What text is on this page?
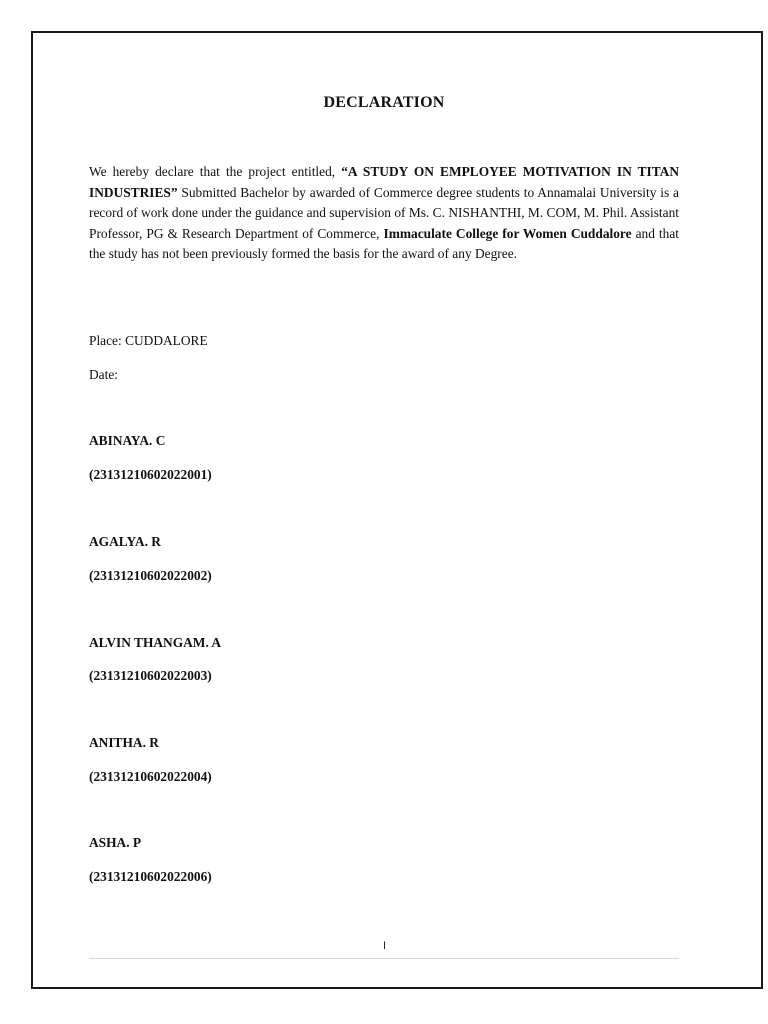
DECLARATION
We hereby declare that the project entitled, “A STUDY ON EMPLOYEE MOTIVATION IN TITAN INDUSTRIES” Submitted Bachelor by awarded of Commerce degree students to Annamalai University is a record of work done under the guidance and supervision of Ms. C. NISHANTHI, M. COM, M. Phil. Assistant Professor, PG & Research Department of Commerce, Immaculate College for Women Cuddalore and that the study has not been previously formed the basis for the award of any Degree.
Place: CUDDALORE
Date:
ABINAYA. C
(23131210602022001)
AGALYA. R
(23131210602022002)
ALVIN THANGAM. A
(23131210602022003)
ANITHA. R
(23131210602022004)
ASHA. P
(23131210602022006)
I
